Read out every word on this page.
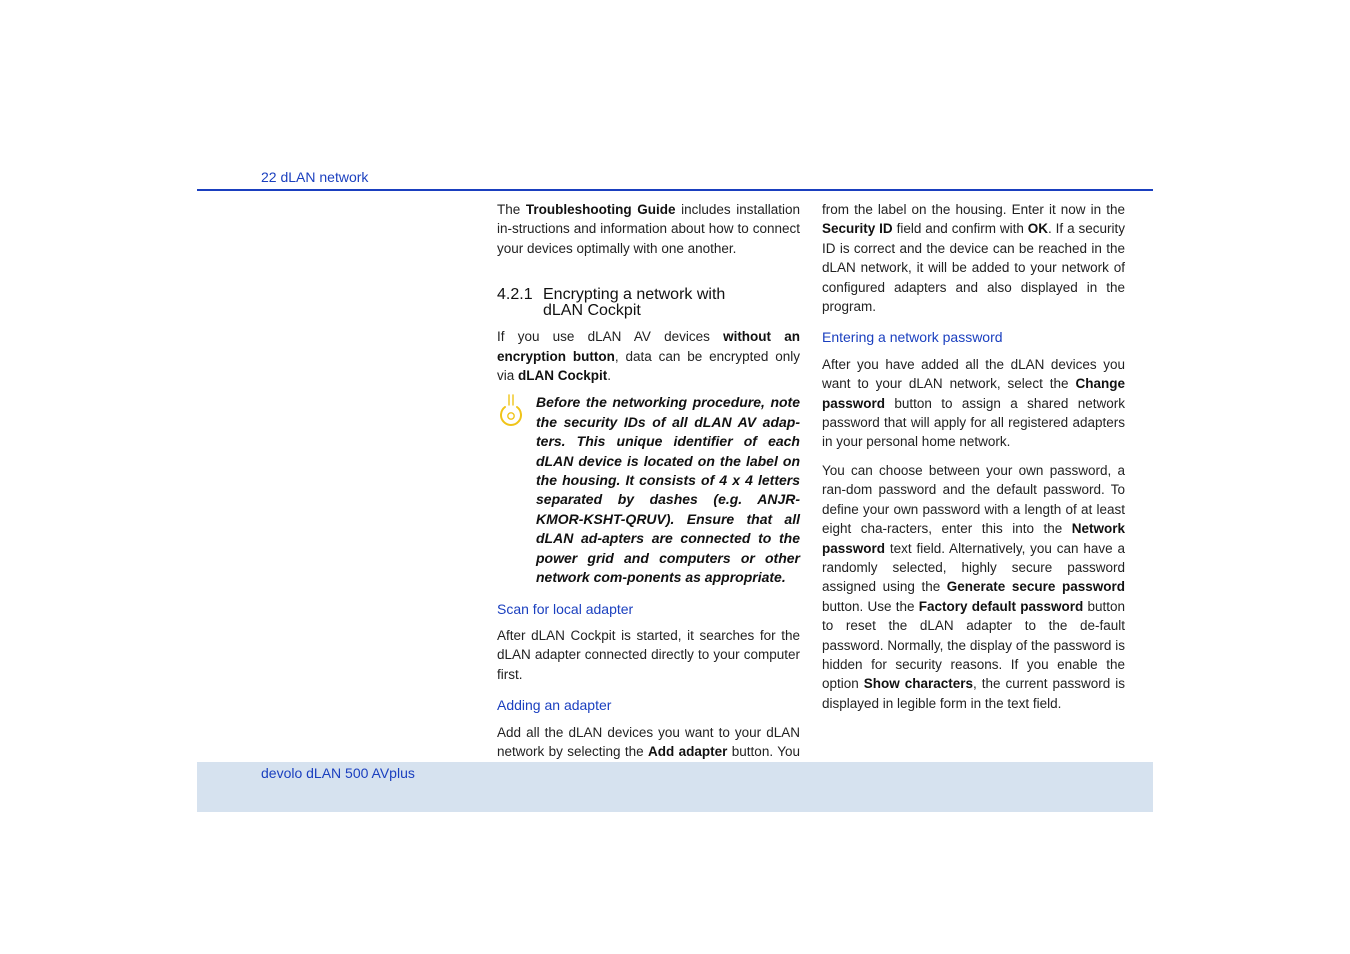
22 dLAN network

The Troubleshooting Guide includes installation in-structions and information about how to connect your devices optimally with one another.

4.2.1 Encrypting a network with
dLAN Cockpit

If you use dLAN AV devices without an encryption button, data can be encrypted only via dLAN Cockpit.

Before the networking procedure, note the security IDs of all dLAN AV adap-ters. This unique identifier of each dLAN device is located on the label on the housing. It consists of 4 x 4 letters separated by dashes (e.g. ANJR-KMOR-KSHT-QRUV). Ensure that all dLAN ad-apters are connected to the power grid and computers or other network com-ponents as appropriate.
Scan for local adapter

After dLAN Cockpit is started, it searches for the dLAN adapter connected directly to your computer first.

Adding an adapter

Add all the dLAN devices you want to your dLAN network by selecting the Add adapter button. You

from the label on the housing. Enter it now in the Security ID field and confirm with OK. If a security ID is correct and the device can be reached in the dLAN network, it will be added to your network of configured adapters and also displayed in the program.

Entering a network password

After you have added all the dLAN devices you want to your dLAN network, select the Change password button to assign a shared network password that will apply for all registered adapters in your personal home network.

You can choose between your own password, a ran-dom password and the default password. To define your own password with a length of at least eight cha-racters, enter this into the Network password text field. Alternatively, you can have a randomly selected, highly secure password assigned using the Generate secure password button. Use the Factory default password button to reset the dLAN adapter to the de-fault password. Normally, the display of the password is hidden for security reasons. If you enable the option Show characters, the current password is displayed in legible form in the text field.

devolo dLAN 500 AVplus
